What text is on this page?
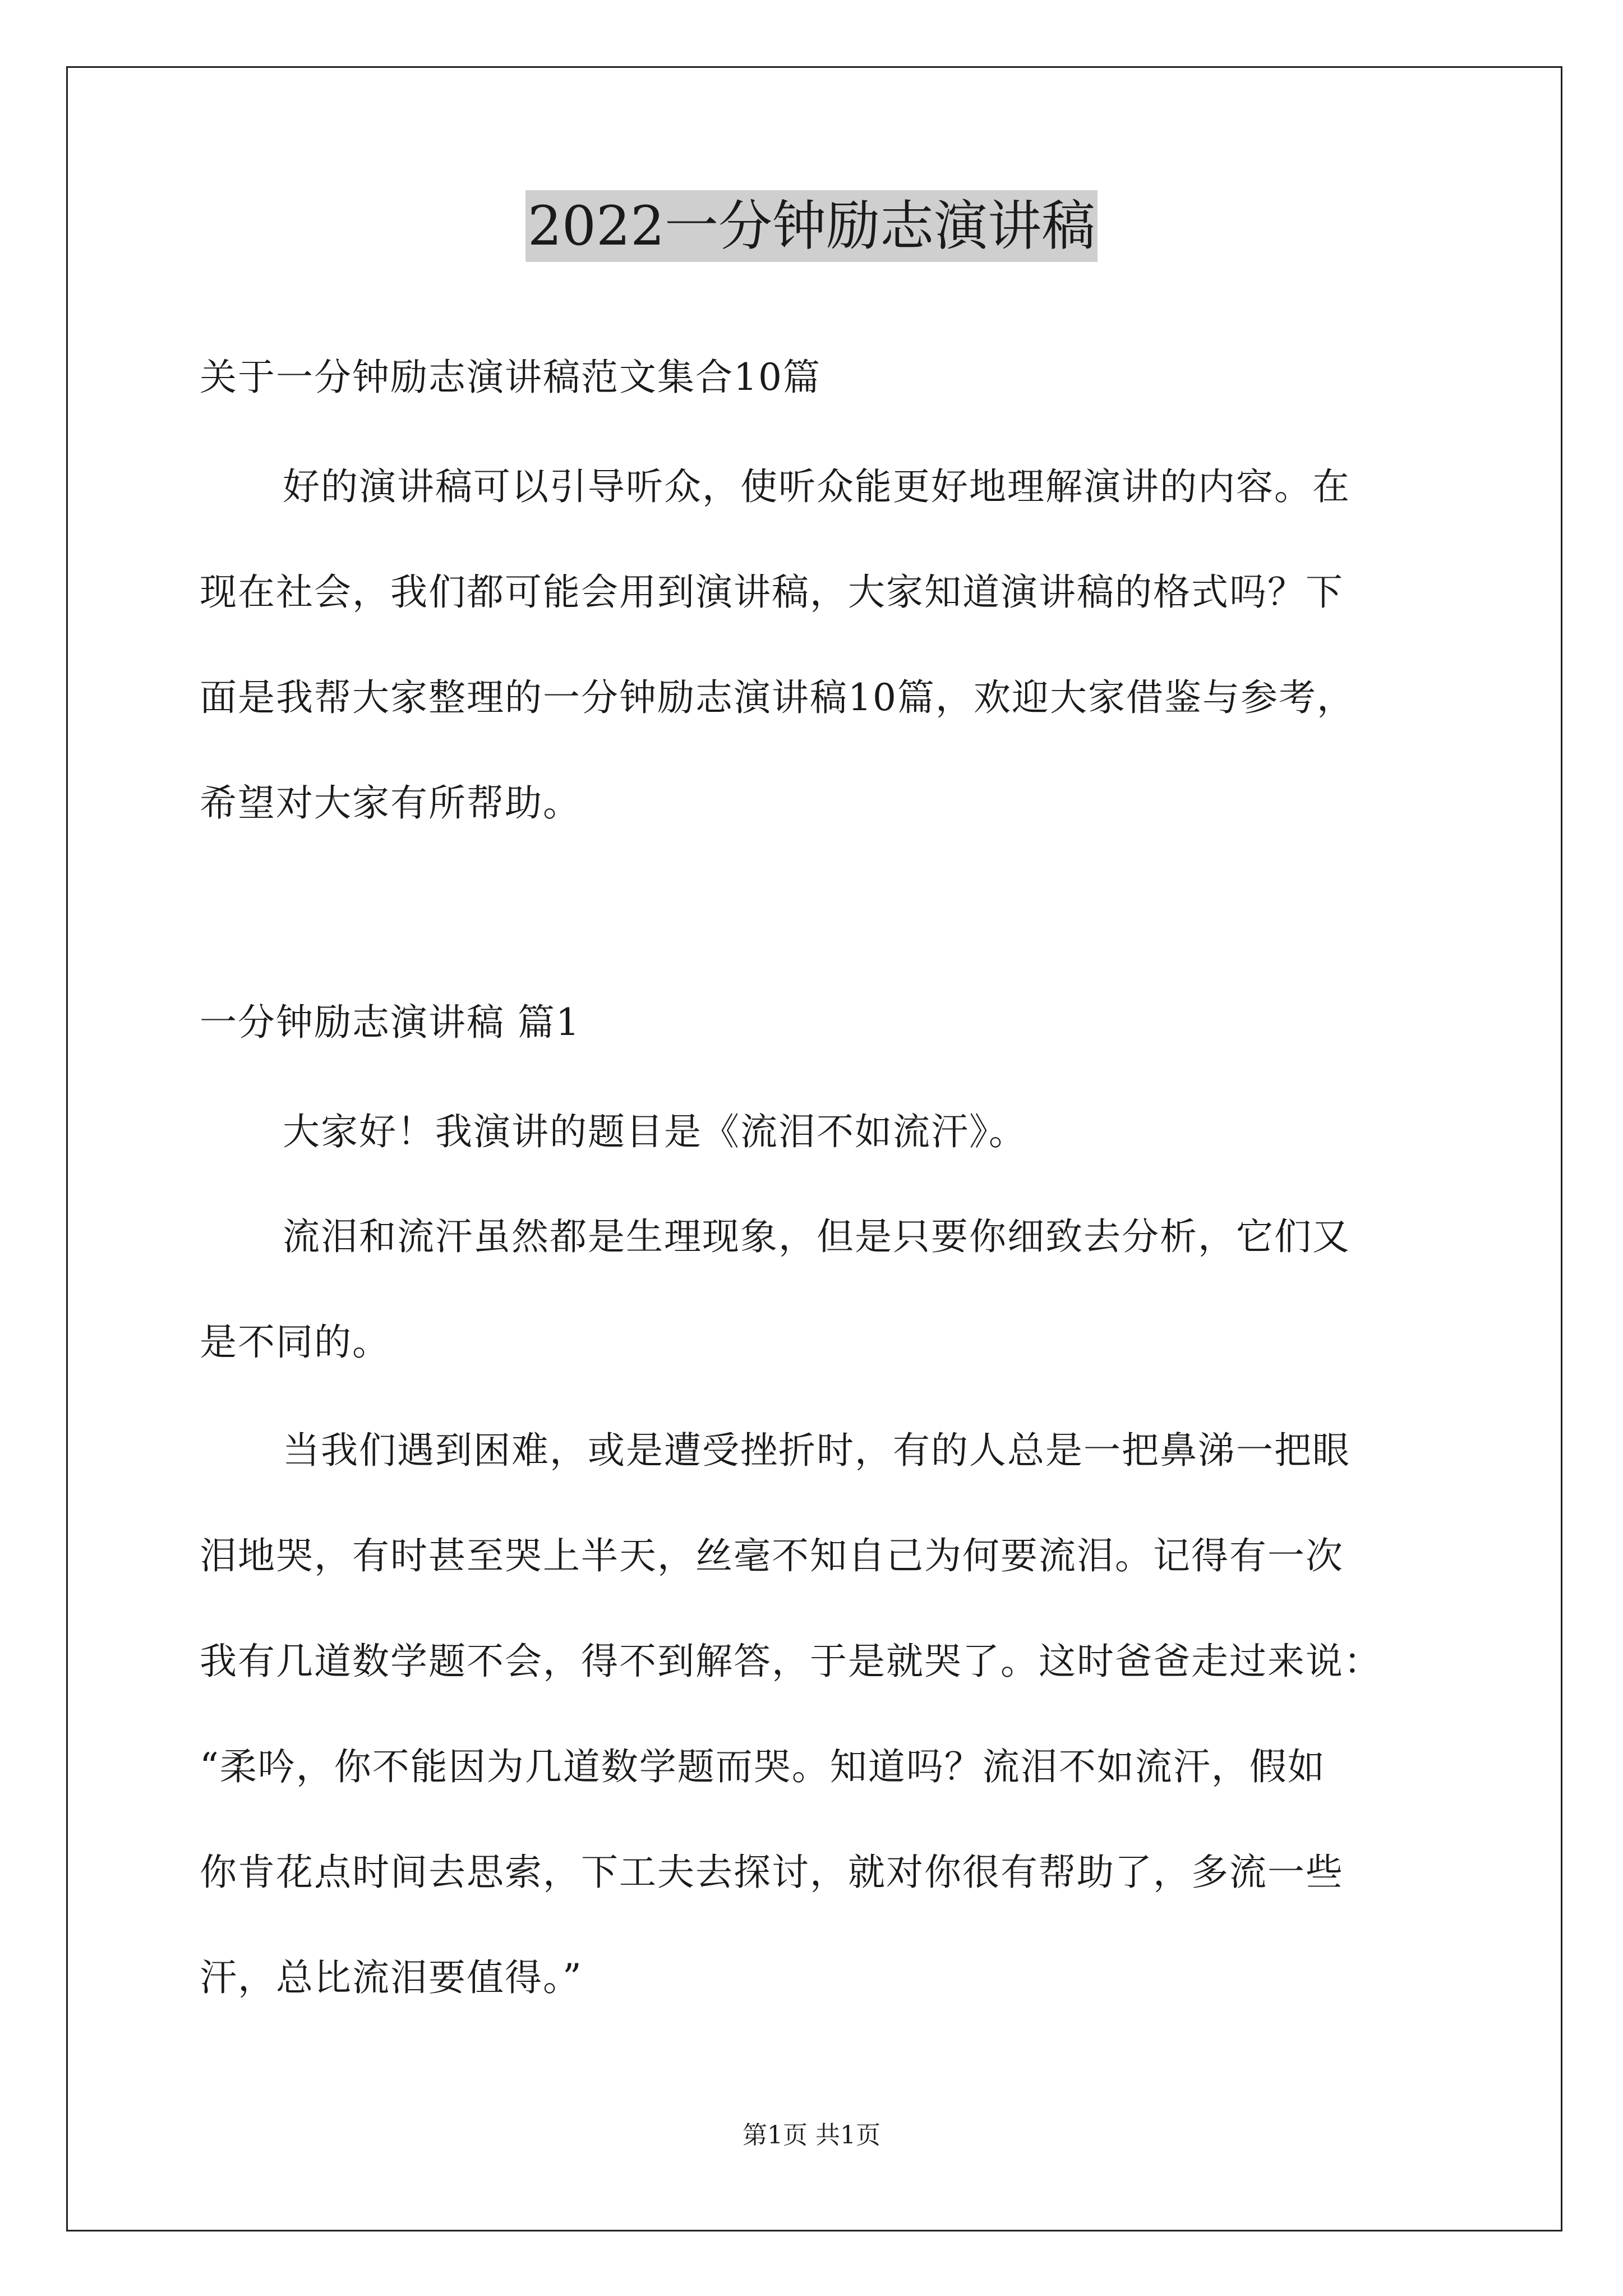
2022一分钟励志演讲稿
关于一分钟励志演讲稿范文集合10篇
好的演讲稿可以引导听众，使听众能更好地理解演讲的内容。在
现在社会，我们都可能会用到演讲稿，大家知道演讲稿的格式吗？下
面是我帮大家整理的一分钟励志演讲稿10篇，欢迎大家借鉴与参考，
希望对大家有所帮助。
一分钟励志演讲稿 篇1
大家好！我演讲的题目是《流泪不如流汗》。
流泪和流汗虽然都是生理现象，但是只要你细致去分析，它们又
是不同的。
当我们遇到困难，或是遭受挫折时，有的人总是一把鼻涕一把眼
泪地哭，有时甚至哭上半天，丝毫不知自己为何要流泪。记得有一次
我有几道数学题不会，得不到解答，于是就哭了。这时爸爸走过来说：
“柔吟，你不能因为几道数学题而哭。知道吗？流泪不如流汗，假如
你肯花点时间去思索，下工夫去探讨，就对你很有帮助了，多流一些
汗，总比流泪要值得。”
第1页 共1页
